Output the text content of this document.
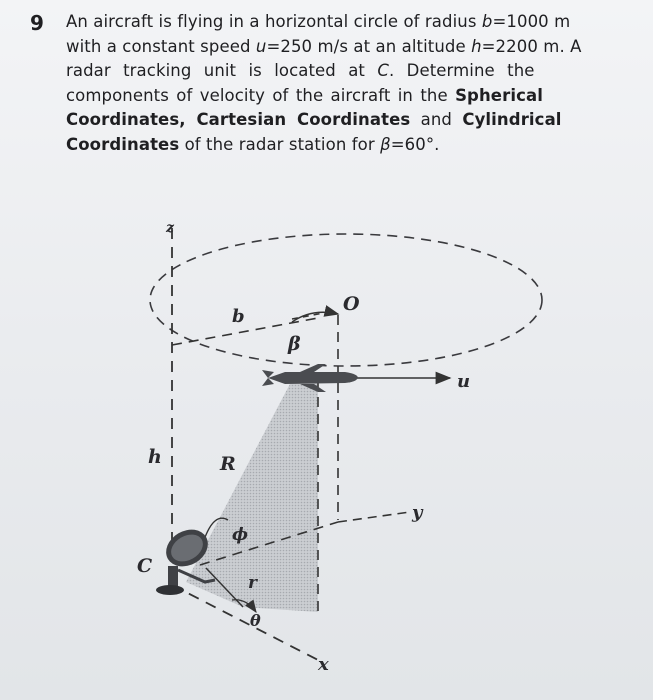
9 An aircraft is flying in a horizontal circle of radius b=1000 m
with a constant speed u=250 m/s at an altitude h=2200 m. A
radar tracking unit is located at C. Determine the
components of velocity of the aircraft in the Spherical
Coordinates, Cartesian Coordinates and Cylindrical
Coordinates of the radar station for β=60°.
z
b
O
β
u
h	R
y
ϕ
C
r
θ
x
